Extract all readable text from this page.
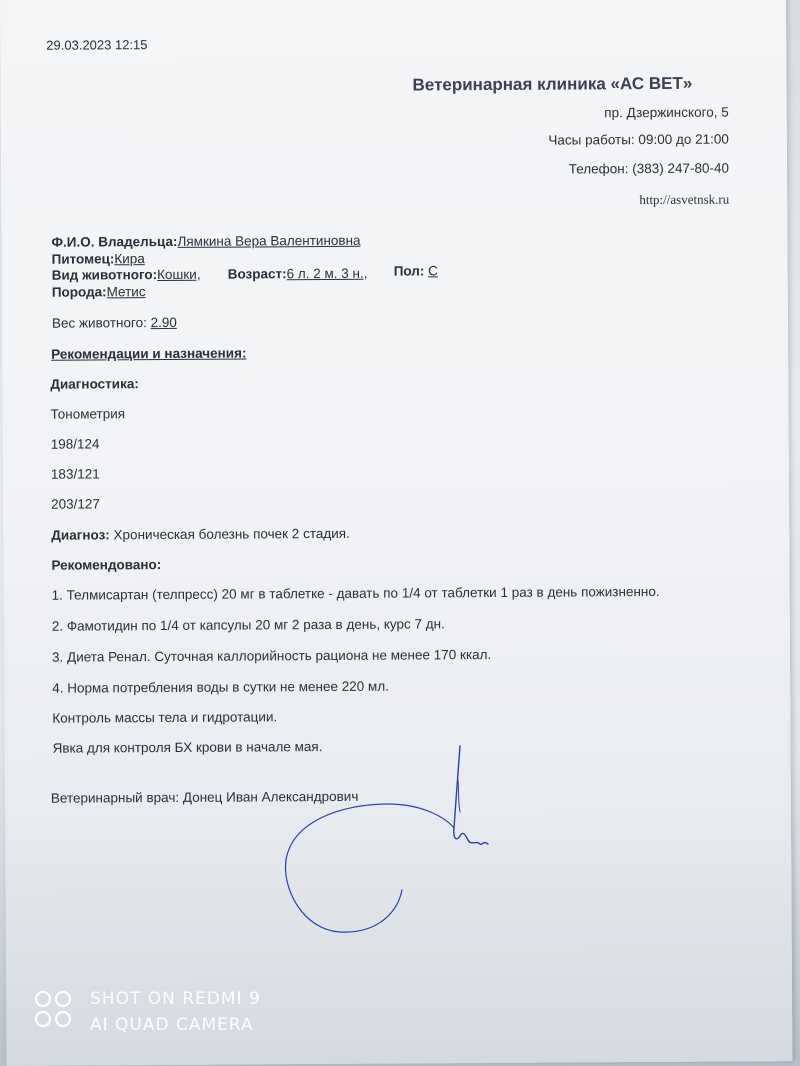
29.03.2023 12:15
Ветеринарная клиника «АС ВЕТ»
пр. Дзержинского, 5
Часы работы: 09:00 до 21:00
Телефон: (383) 247-80-40
http://asvetnsk.ru
Ф.И.О. Владельца:Лямкина Вера Валентиновна
Питомец:Кира
Вид животного:Кошки, Возраст:6 л. 2 м. 3 н., Пол: С
Порода:Метис
Вес животного: 2.90
Рекомендации и назначения:
Диагностика:
Тонометрия
198/124
183/121
203/127
Диагноз: Хроническая болезнь почек 2 стадия.
Рекомендовано:
1. Телмисартан (телпресс) 20 мг в таблетке - давать по 1/4 от таблетки 1 раз в день пожизненно.
2. Фамотидин по 1/4 от капсулы 20 мг 2 раза в день, курс 7 дн.
3. Диета Ренал. Суточная каллорийность рациона не менее 170 ккал.
4. Норма потребления воды в сутки не менее 220 мл.
Контроль массы тела и гидротации.
Явка для контроля БХ крови в начале мая.
Ветеринарный врач: Донец Иван Александрович
SHOT ON REDMI 9
AI QUAD CAMERA
